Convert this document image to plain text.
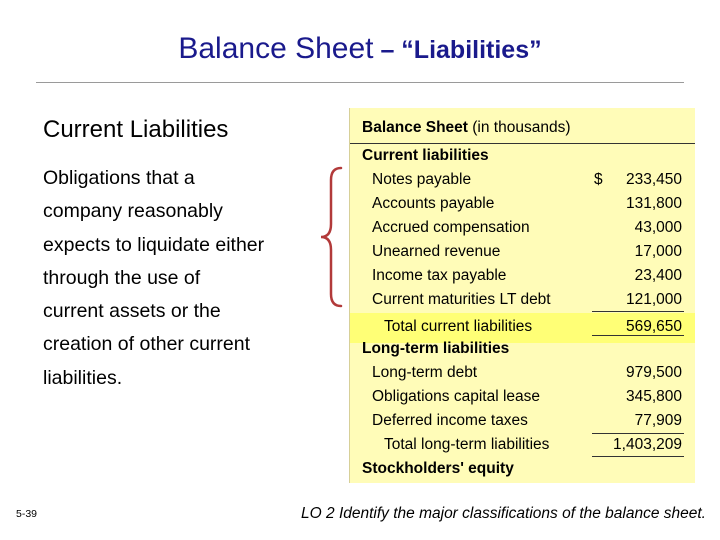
Balance Sheet – “Liabilities”
Current Liabilities
Obligations that a
company reasonably
expects to liquidate either
through the use of
current assets or the
creation of other current
liabilities.
Balance Sheet (in thousands)
Current liabilities
Notes payable	$ 233,450
Accounts payable	131,800
Accrued compensation	43,000
Unearned revenue	17,000
Income tax payable	23,400
Current maturities LT debt	121,000
Total current liabilities	569,650
Long-term liabilities
Long-term debt	979,500
Obligations capital lease	345,800
Deferred income taxes	77,909
Total long-term liabilities	1,403,209
Stockholders' equity
5-39	LO 2 Identify the major classifications of the balance sheet.
